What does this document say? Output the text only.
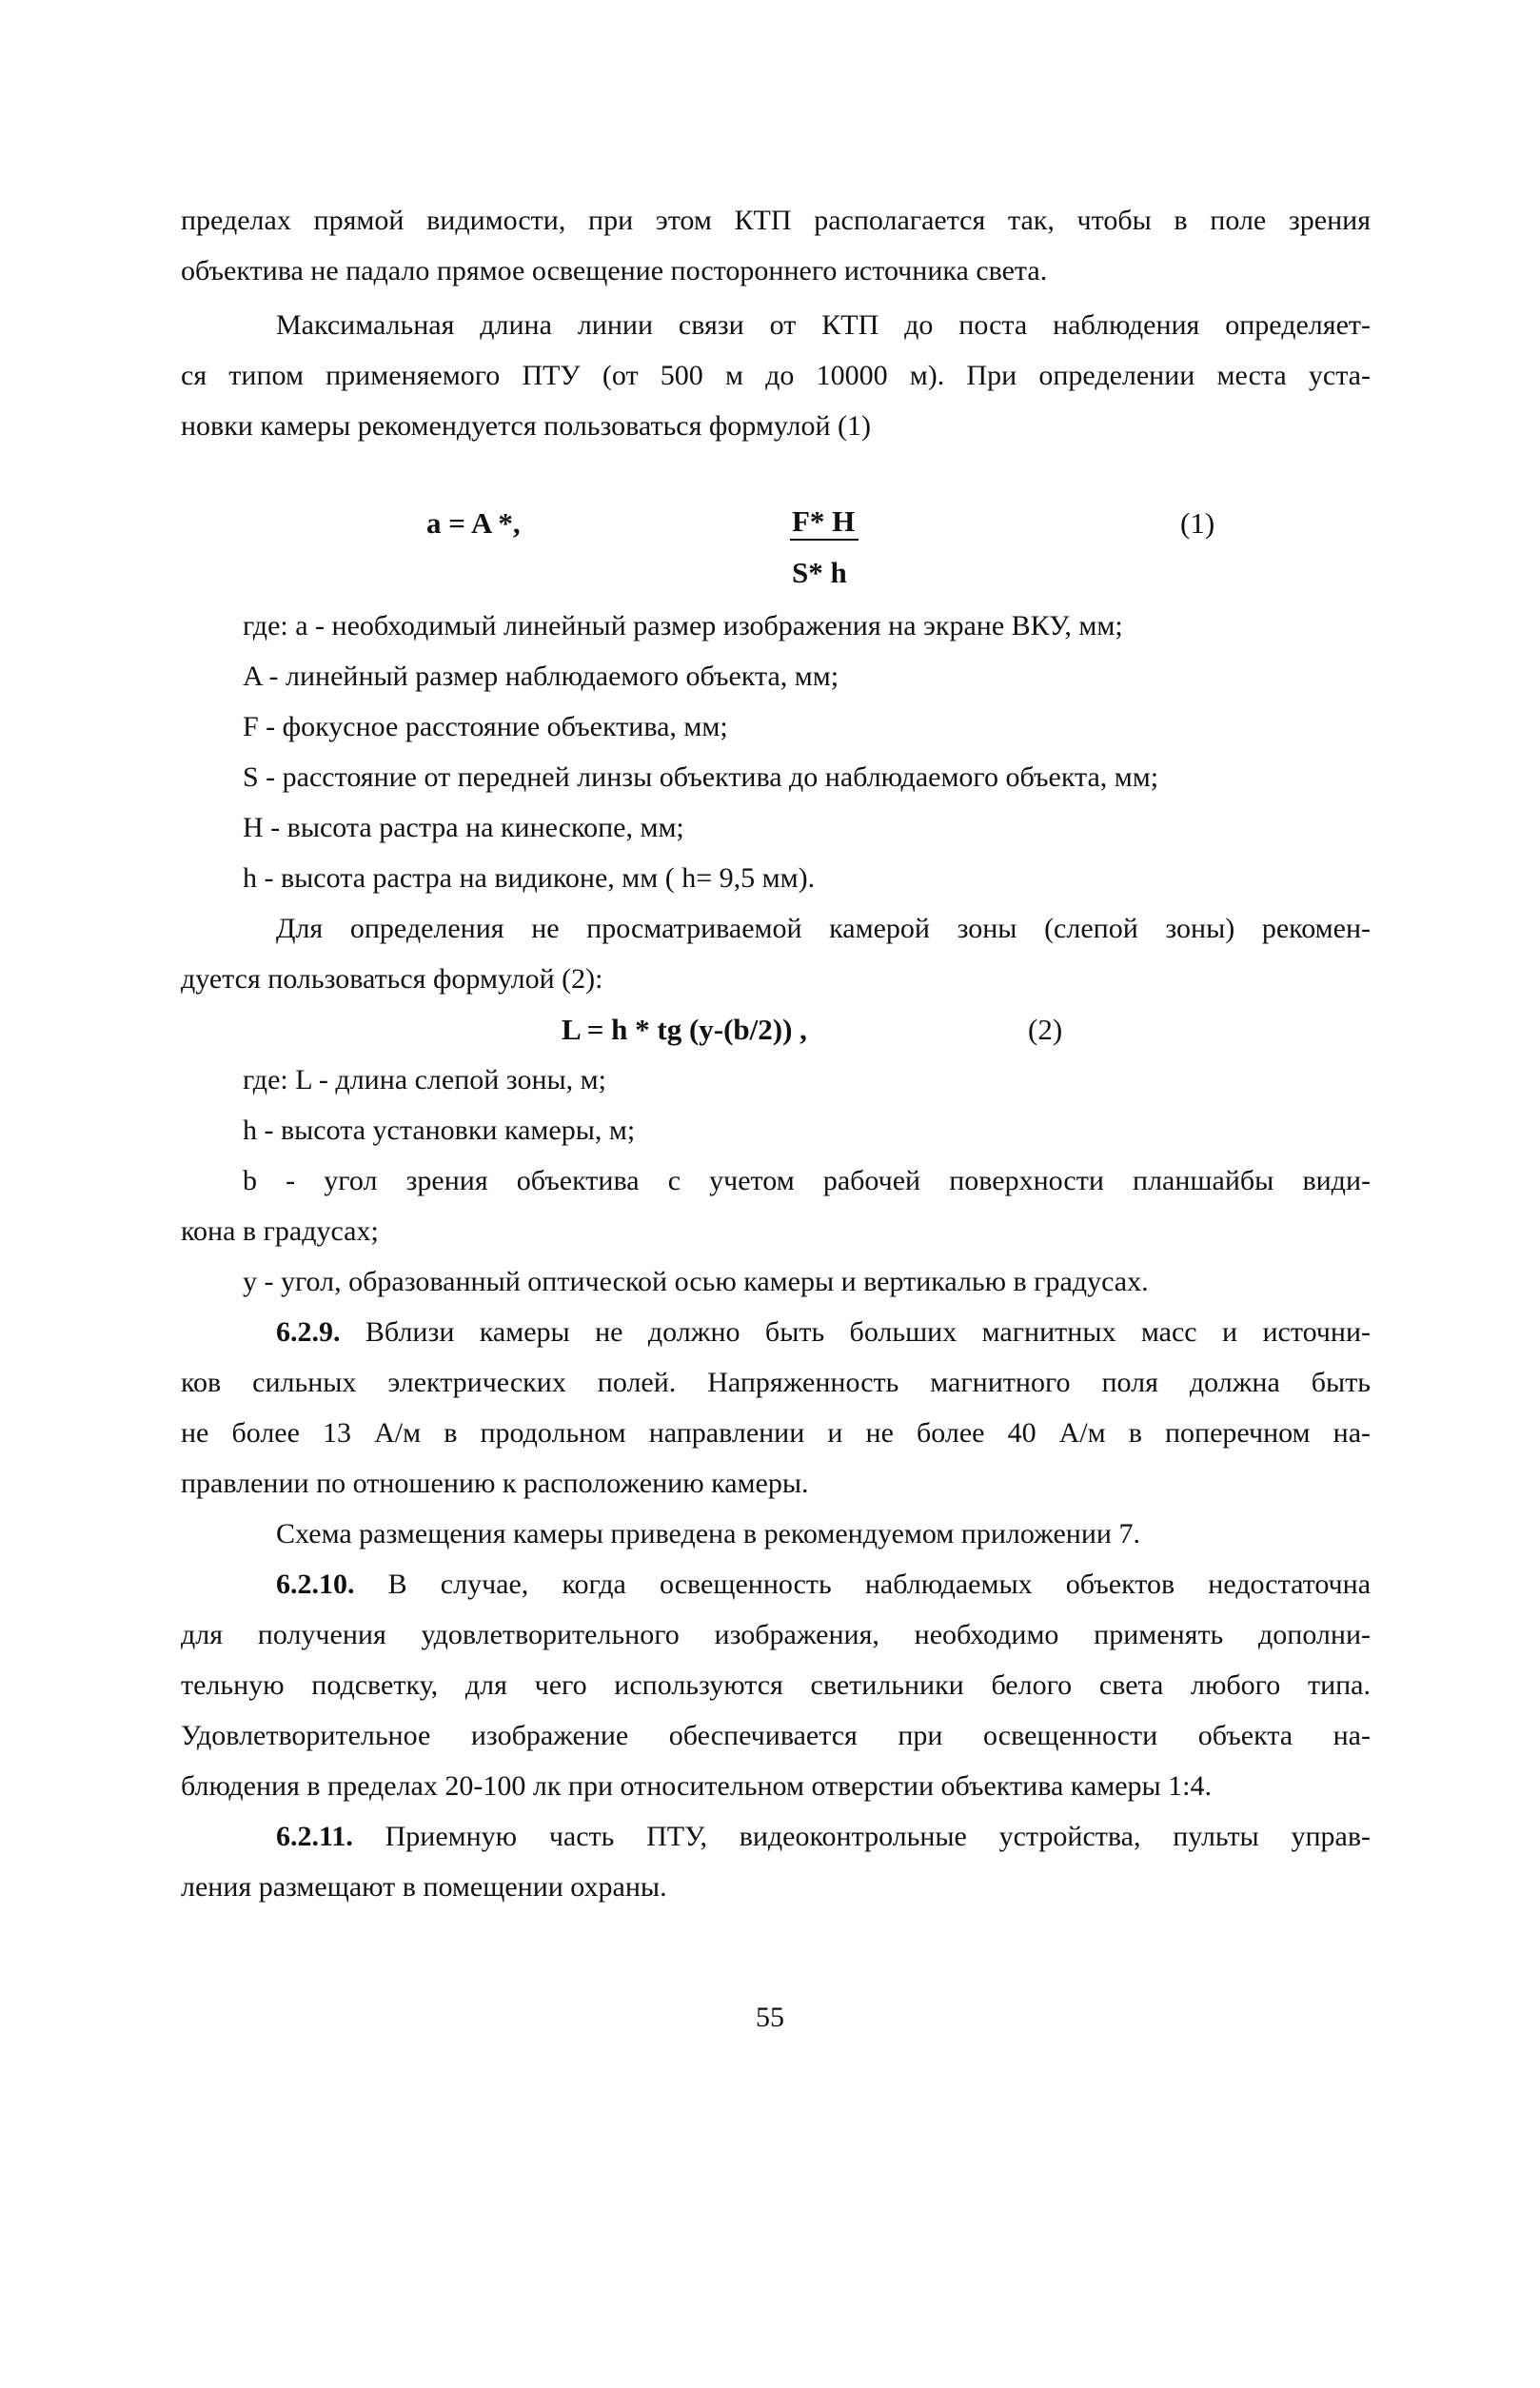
пределах прямой видимости, при этом КТП располагается так, чтобы в поле зрения
объектива не падало прямое освещение постороннего источника света.
Максимальная длина линии связи от КТП до поста наблюдения определяет-
ся типом применяемого ПТУ (от 500 м до 10000 м). При определении места уста-
новки камеры рекомендуется пользоваться формулой (1)
a = A *,	F* H
S* h
(1)
где: a - необходимый линейный размер изображения на экране ВКУ, мм;
A - линейный размер наблюдаемого объекта, мм;
F - фокусное расстояние объектива, мм;
S - расстояние от передней линзы объектива до наблюдаемого объекта, мм;
H - высота растра на кинескопе, мм;
h - высота растра на видиконе, мм ( h= 9,5 мм).
Для определения не просматриваемой камерой зоны (слепой зоны) рекомен-
дуется пользоваться формулой (2):
L = h * tg (y-(b/2)) ,	(2)
где: L - длина слепой зоны, м;
h - высота установки камеры, м;
b - угол зрения объектива с учетом рабочей поверхности планшайбы види-
кона в градусах;
y - угол, образованный оптической осью камеры и вертикалью в градусах.
6.2.9. Вблизи камеры не должно быть больших магнитных масс и источни-
ков сильных электрических полей. Напряженность магнитного поля должна быть
не более 13 А/м в продольном направлении и не более 40 А/м в поперечном на-
правлении по отношению к расположению камеры.
Схема размещения камеры приведена в рекомендуемом приложении 7.
6.2.10. В случае, когда освещенность наблюдаемых объектов недостаточна
для получения удовлетворительного изображения, необходимо применять дополни-
тельную подсветку, для чего используются светильники белого света любого типа.
Удовлетворительное изображение обеспечивается при освещенности объекта на-
блюдения в пределах 20-100 лк при относительном отверстии объектива камеры 1:4.
6.2.11. Приемную часть ПТУ, видеоконтрольные устройства, пульты управ-
ления размещают в помещении охраны.
55
